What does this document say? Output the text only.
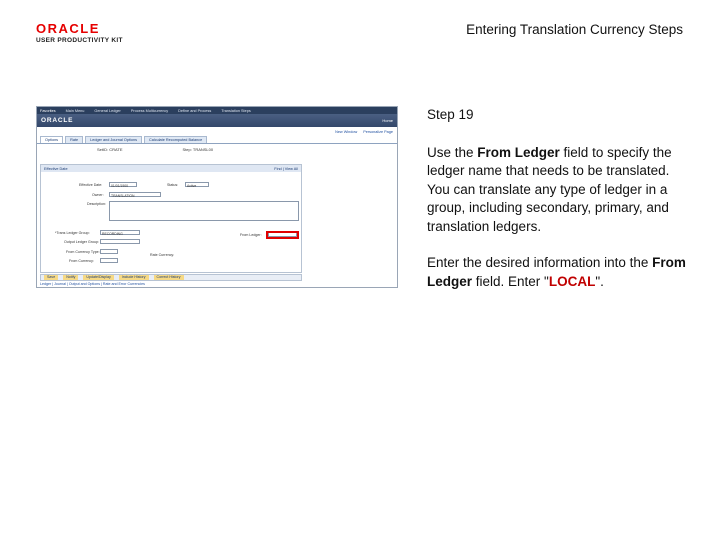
ORACLE
USER PRODUCTIVITY KIT
Entering Translation Currency Steps
Favorites	Main Menu	General Ledger	Process Multicurrency	Define and Process	Translation Steps
ORACLE	Home
New Window Personalize Page
Options	Rate	Ledger and Journal Options	Calculate Recomputed Balance
SetID: CRATE	Step: TRANSL00
Effective Date	Find | View All
Effective Date:	01/01/1900	Status:	Active
Owner:	TRANSLATION
Description:
*Trans Ledger Group:	RECORDING
Output Ledger Group:
From Currency Type:
From Currency:
Rate Currency:
From Ledger:
Save	Notify	Update/Display	Include History	Correct History
Ledger | Journal | Output and Options | Rate and Error Currencies
Step 19
Use the From Ledger field to specify the ledger name that needs to be translated. You can translate any type of ledger in a group, including secondary, primary, and translation ledgers.
Enter the desired information into the From Ledger field. Enter "LOCAL".
